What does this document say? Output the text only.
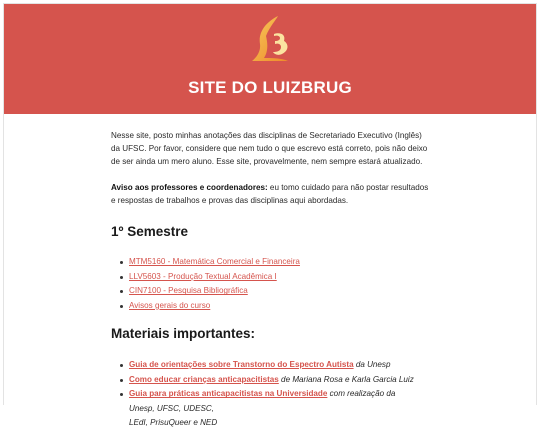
SITE DO LUIZBRUG

Nesse site, posto minhas anotações das disciplinas de Secretariado Executivo (Inglês) da UFSC. Por favor, considere que nem tudo o que escrevo está correto, pois não deixo de ser ainda um mero aluno. Esse site, provavelmente, nem sempre estará atualizado.

Aviso aos professores e coordenadores: eu tomo cuidado para não postar resultados e respostas de trabalhos e provas das disciplinas aqui abordadas.

1º Semestre
MTM5160 - Matemática Comercial e Financeira
LLV5603 - Produção Textual Acadêmica I
CIN7100 - Pesquisa Bibliográfica
Avisos gerais do curso
Materiais importantes:
Guia de orientações sobre Transtorno do Espectro Autista da Unesp
Como educar crianças anticapacitistas de Mariana Rosa e Karla Garcia Luiz
Guia para práticas anticapacitistas na Universidade com realização da Unesp, UFSC, UDESC,
LEdI, PrisuQueer e NED
